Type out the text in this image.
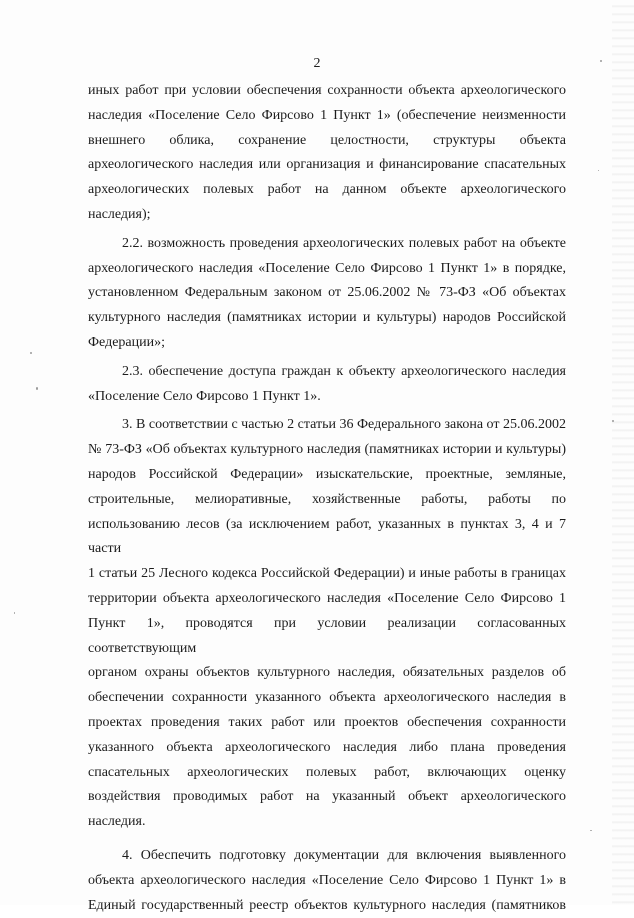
2

иных работ при условии обеспечения сохранности объекта археологического

наследия «Поселение Село Фирсово 1 Пункт 1» (обеспечение неизменности

внешнего облика, сохранение целостности, структуры объекта

археологического наследия или организация и финансирование спасательных

археологических полевых работ на данном объекте археологического наследия);

2.2. возможность проведения археологических полевых работ на объекте

археологического наследия «Поселение Село Фирсово 1 Пункт 1» в порядке,

установленном Федеральным законом от 25.06.2002 № 73-ФЗ «Об объектах

культурного наследия (памятниках истории и культуры) народов Российской

Федерации»;

2.3. обеспечение доступа граждан к объекту археологического наследия

«Поселение Село Фирсово 1 Пункт 1».

3. В соответствии с частью 2 статьи 36 Федерального закона от 25.06.2002

№ 73-ФЗ «Об объектах культурного наследия (памятниках истории и культуры)

народов Российской Федерации» изыскательские, проектные, земляные,

строительные, мелиоративные, хозяйственные работы, работы по

использованию лесов (за исключением работ, указанных в пунктах 3, 4 и 7 части

1 статьи 25 Лесного кодекса Российской Федерации) и иные работы в границах

территории объекта археологического наследия «Поселение Село Фирсово 1

Пункт 1», проводятся при условии реализации согласованных соответствующим

органом охраны объектов культурного наследия, обязательных разделов об

обеспечении сохранности указанного объекта археологического наследия в

проектах проведения таких работ или проектов обеспечения сохранности

указанного объекта археологического наследия либо плана проведения

спасательных археологических полевых работ, включающих оценку

воздействия проводимых работ на указанный объект археологического

наследия.

4. Обеспечить подготовку документации для включения выявленного

объекта археологического наследия «Поселение Село Фирсово 1 Пункт 1» в

Единый государственный реестр объектов культурного наследия (памятников
